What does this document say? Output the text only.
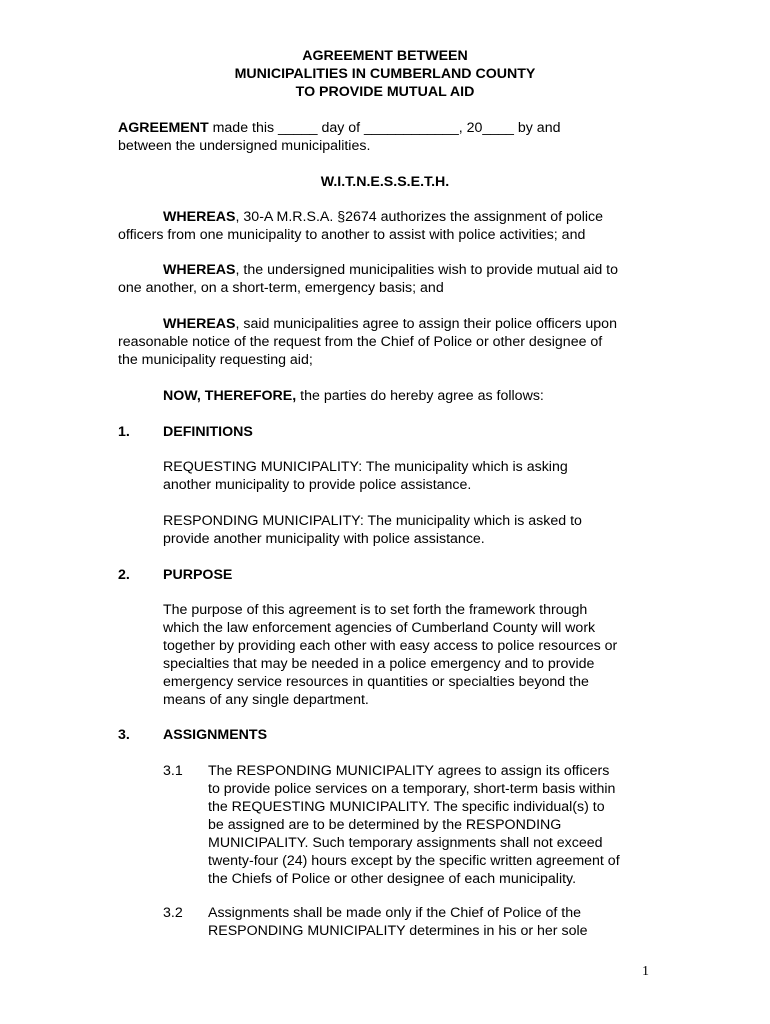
AGREEMENT BETWEEN
MUNICIPALITIES IN CUMBERLAND COUNTY
TO PROVIDE MUTUAL AID
AGREEMENT made this _____ day of ____________, 20____ by and
between the undersigned municipalities.
W.I.T.N.E.S.S.E.T.H.
WHEREAS, 30-A M.R.S.A. §2674 authorizes the assignment of police
officers from one municipality to another to assist with police activities; and
WHEREAS, the undersigned municipalities wish to provide mutual aid to
one another, on a short-term, emergency basis; and
WHEREAS, said municipalities agree to assign their police officers upon
reasonable notice of the request from the Chief of Police or other designee of
the municipality requesting aid;
NOW, THEREFORE, the parties do hereby agree as follows:
1. DEFINITIONS
REQUESTING MUNICIPALITY: The municipality which is asking
another municipality to provide police assistance.
RESPONDING MUNICIPALITY: The municipality which is asked to
provide another municipality with police assistance.
2. PURPOSE
The purpose of this agreement is to set forth the framework through
which the law enforcement agencies of Cumberland County will work
together by providing each other with easy access to police resources or
specialties that may be needed in a police emergency and to provide
emergency service resources in quantities or specialties beyond the
means of any single department.
3. ASSIGNMENTS
3.1 The RESPONDING MUNICIPALITY agrees to assign its officers
to provide police services on a temporary, short-term basis within
the REQUESTING MUNICIPALITY. The specific individual(s) to
be assigned are to be determined by the RESPONDING
MUNICIPALITY. Such temporary assignments shall not exceed
twenty-four (24) hours except by the specific written agreement of
the Chiefs of Police or other designee of each municipality.
3.2 Assignments shall be made only if the Chief of Police of the
RESPONDING MUNICIPALITY determines in his or her sole
1
